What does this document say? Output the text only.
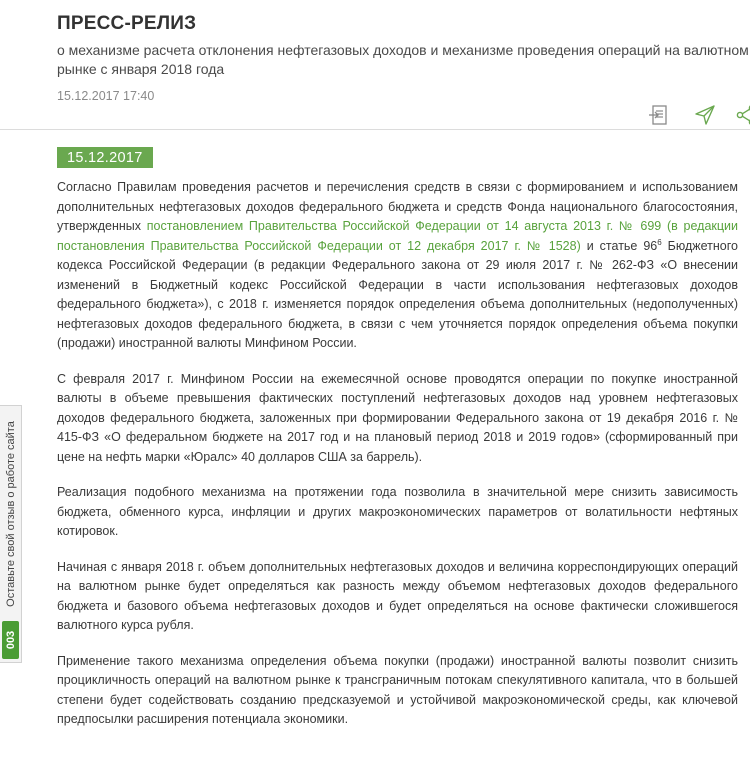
ПРЕСС-РЕЛИЗ
о механизме расчета отклонения нефтегазовых доходов и механизме проведения операций на валютном
рынке с января 2018 года
15.12.2017 17:40
15.12.2017

Согласно Правилам проведения расчетов и перечисления средств в связи с формированием и использованием дополнительных нефтегазовых доходов федерального бюджета и средств Фонда национального благосостояния, утвержденных постановлением Правительства Российской Федерации от 14 августа 2013 г. № 699 (в редакции постановления Правительства Российской Федерации от 12 декабря 2017 г. № 1528) и статье $96^6$ Бюджетного кодекса Российской Федерации (в редакции Федерального закона от 29 июля 2017 г. № 262-ФЗ «О внесении изменений в Бюджетный кодекс Российской Федерации в части использования нефтегазовых доходов федерального бюджета»), с 2018 г. изменяется порядок определения объема дополнительных (недополученных) нефтегазовых доходов федерального бюджета, в связи с чем уточняется порядок определения объема покупки (продажи) иностранной валюты Минфином России.

С февраля 2017 г. Минфином России на ежемесячной основе проводятся операции по покупке иностранной валюты в объеме превышения фактических поступлений нефтегазовых доходов над уровнем нефтегазовых доходов федерального бюджета, заложенных при формировании Федерального закона от 19 декабря 2016 г. № 415-ФЗ «О федеральном бюджете на 2017 год и на плановый период 2018 и 2019 годов» (сформированный при цене на нефть марки «Юралс» 40 долларов США за баррель).

Реализация подобного механизма на протяжении года позволила в значительной мере снизить зависимость бюджета, обменного курса, инфляции и других макроэкономических параметров от волатильности нефтяных котировок.

Начиная с января 2018 г. объем дополнительных нефтегазовых доходов и величина корреспондирующих операций на валютном рынке будет определяться как разность между объемом нефтегазовых доходов федерального бюджета и базового объема нефтегазовых доходов и будет определяться на основе фактически сложившегося валютного курса рубля.

Применение такого механизма определения объема покупки (продажи) иностранной валюты позволит снизить процикличность операций на валютном рынке к трансграничным потокам спекулятивного капитала, что в большей степени будет содействовать созданию предсказуемой и устойчивой макроэкономической среды, как ключевой предпосылки расширения потенциала экономики.

Оставьте свой отзыв о работе сайта
003
